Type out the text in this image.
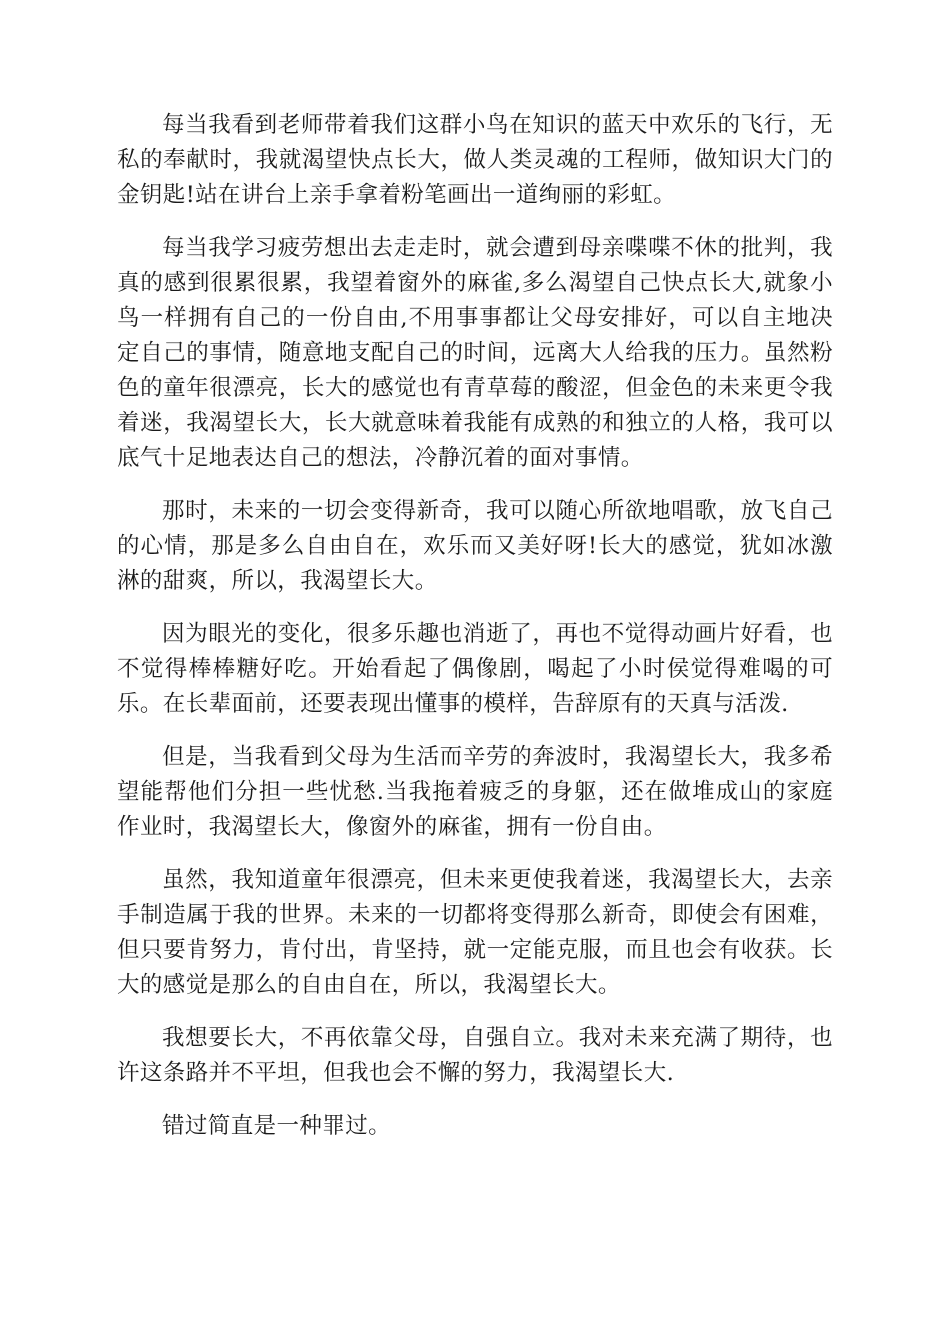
每当我看到老师带着我们这群小鸟在知识的蓝天中欢乐的飞行，无私的奉献时，我就渴望快点长大，做人类灵魂的工程师，做知识大门的金钥匙!站在讲台上亲手拿着粉笔画出一道绚丽的彩虹。

每当我学习疲劳想出去走走时，就会遭到母亲喋喋不休的批判，我真的感到很累很累，我望着窗外的麻雀,多么渴望自己快点长大,就象小鸟一样拥有自己的一份自由,不用事事都让父母安排好，可以自主地决定自己的事情，随意地支配自己的时间，远离大人给我的压力。虽然粉色的童年很漂亮，长大的感觉也有青草莓的酸涩，但金色的未来更令我着迷，我渴望长大，长大就意味着我能有成熟的和独立的人格，我可以底气十足地表达自己的想法，冷静沉着的面对事情。

那时，未来的一切会变得新奇，我可以随心所欲地唱歌，放飞自己的心情，那是多么自由自在，欢乐而又美好呀!长大的感觉，犹如冰激淋的甜爽，所以，我渴望长大。

因为眼光的变化，很多乐趣也消逝了，再也不觉得动画片好看，也不觉得棒棒糖好吃。开始看起了偶像剧，喝起了小时侯觉得难喝的可乐。在长辈面前，还要表现出懂事的模样，告辞原有的天真与活泼.

但是，当我看到父母为生活而辛劳的奔波时，我渴望长大，我多希望能帮他们分担一些忧愁.当我拖着疲乏的身躯，还在做堆成山的家庭作业时，我渴望长大，像窗外的麻雀，拥有一份自由。

虽然，我知道童年很漂亮，但未来更使我着迷，我渴望长大，去亲手制造属于我的世界。未来的一切都将变得那么新奇，即使会有困难，但只要肯努力，肯付出，肯坚持，就一定能克服，而且也会有收获。长大的感觉是那么的自由自在，所以，我渴望长大。

我想要长大，不再依靠父母，自强自立。我对未来充满了期待，也许这条路并不平坦，但我也会不懈的努力，我渴望长大.

错过简直是一种罪过。
